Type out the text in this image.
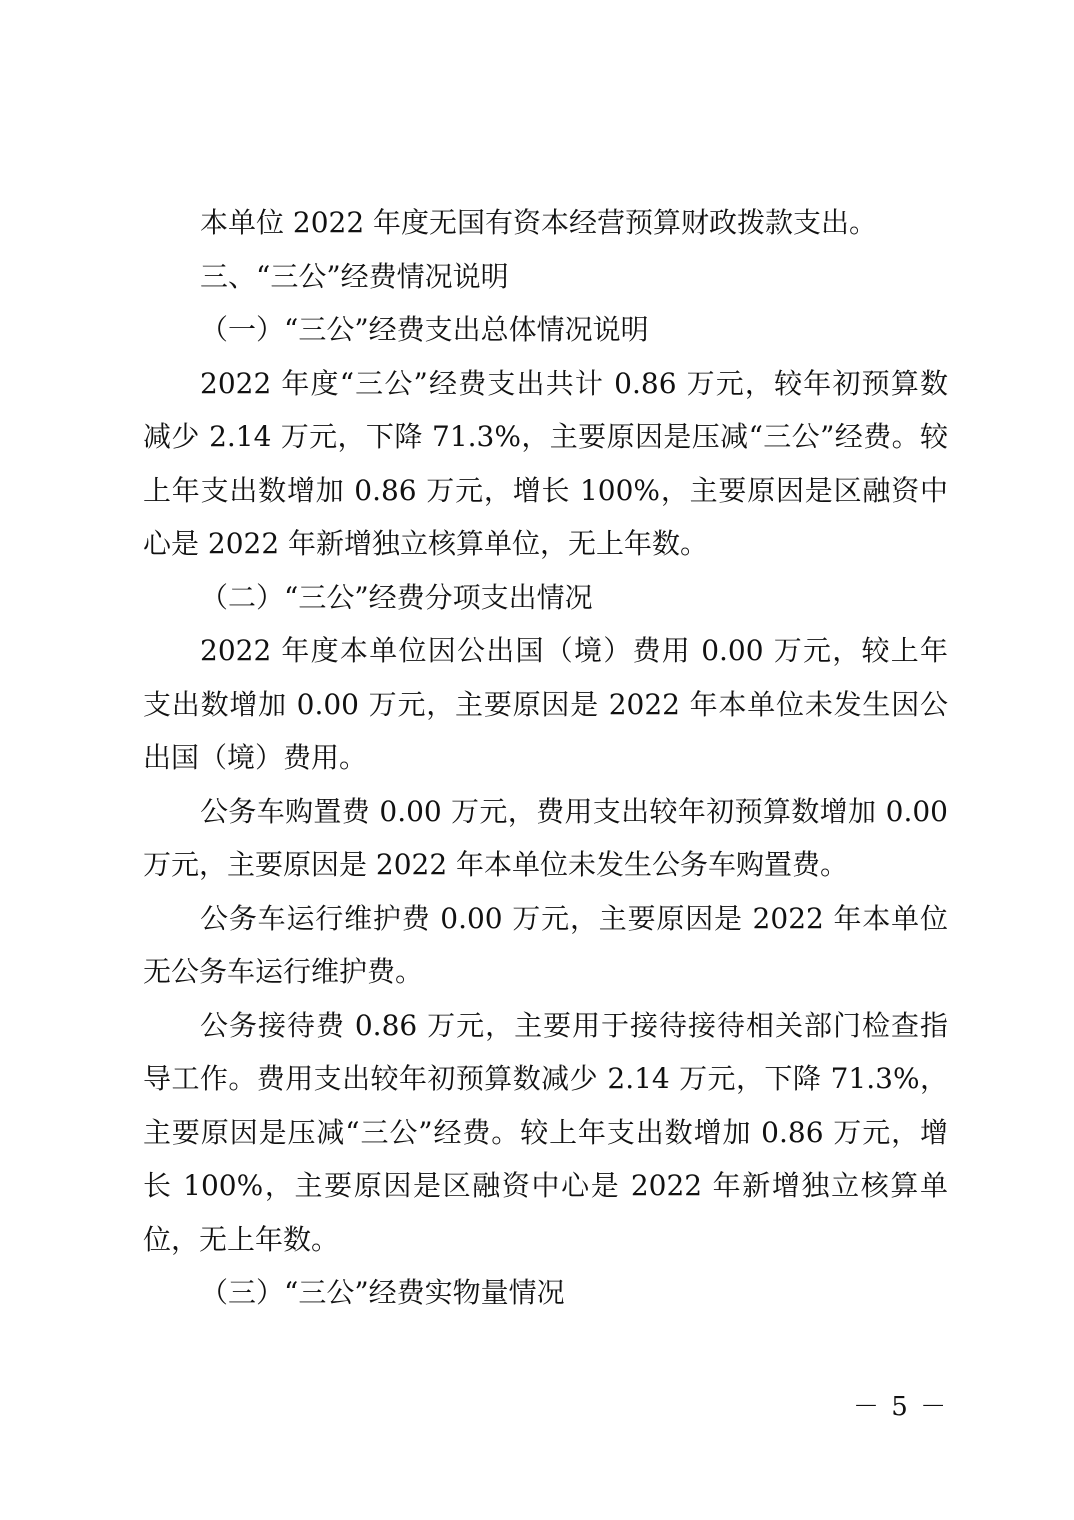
本单位 2022 年度无国有资本经营预算财政拨款支出。

三、“三公”经费情况说明

（一）“三公”经费支出总体情况说明

2022 年度“三公”经费支出共计 0.86 万元，较年初预算数减少 2.14 万元，下降 71.3%，主要原因是压减“三公”经费。较上年支出数增加 0.86 万元，增长 100%，主要原因是区融资中心是 2022 年新增独立核算单位，无上年数。

（二）“三公”经费分项支出情况

2022 年度本单位因公出国（境）费用 0.00 万元，较上年支出数增加 0.00 万元，主要原因是 2022 年本单位未发生因公出国（境）费用。

公务车购置费 0.00 万元，费用支出较年初预算数增加 0.00 万元，主要原因是 2022 年本单位未发生公务车购置费。

公务车运行维护费 0.00 万元，主要原因是 2022 年本单位无公务车运行维护费。

公务接待费 0.86 万元，主要用于接待接待相关部门检查指导工作。费用支出较年初预算数减少 2.14 万元，下降 71.3%，主要原因是压减“三公”经费。较上年支出数增加 0.86 万元，增长 100%，主要原因是区融资中心是 2022 年新增独立核算单位，无上年数。

（三）“三公”经费实物量情况

－ 5 －
